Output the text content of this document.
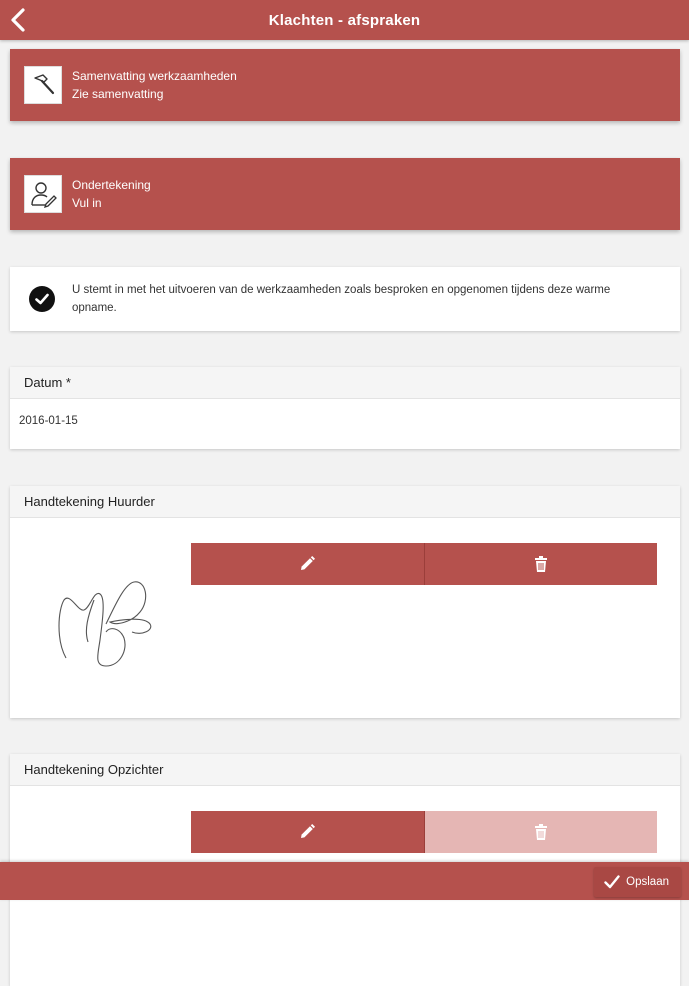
Klachten - afspraken
Samenvatting werkzaamheden
Zie samenvatting
Ondertekening
Vul in
U stemt in met het uitvoeren van de werkzaamheden zoals besproken en opgenomen tijdens deze warme opname.
Datum *
2016-01-15
Handtekening Huurder
Handtekening Opzichter
Opslaan
